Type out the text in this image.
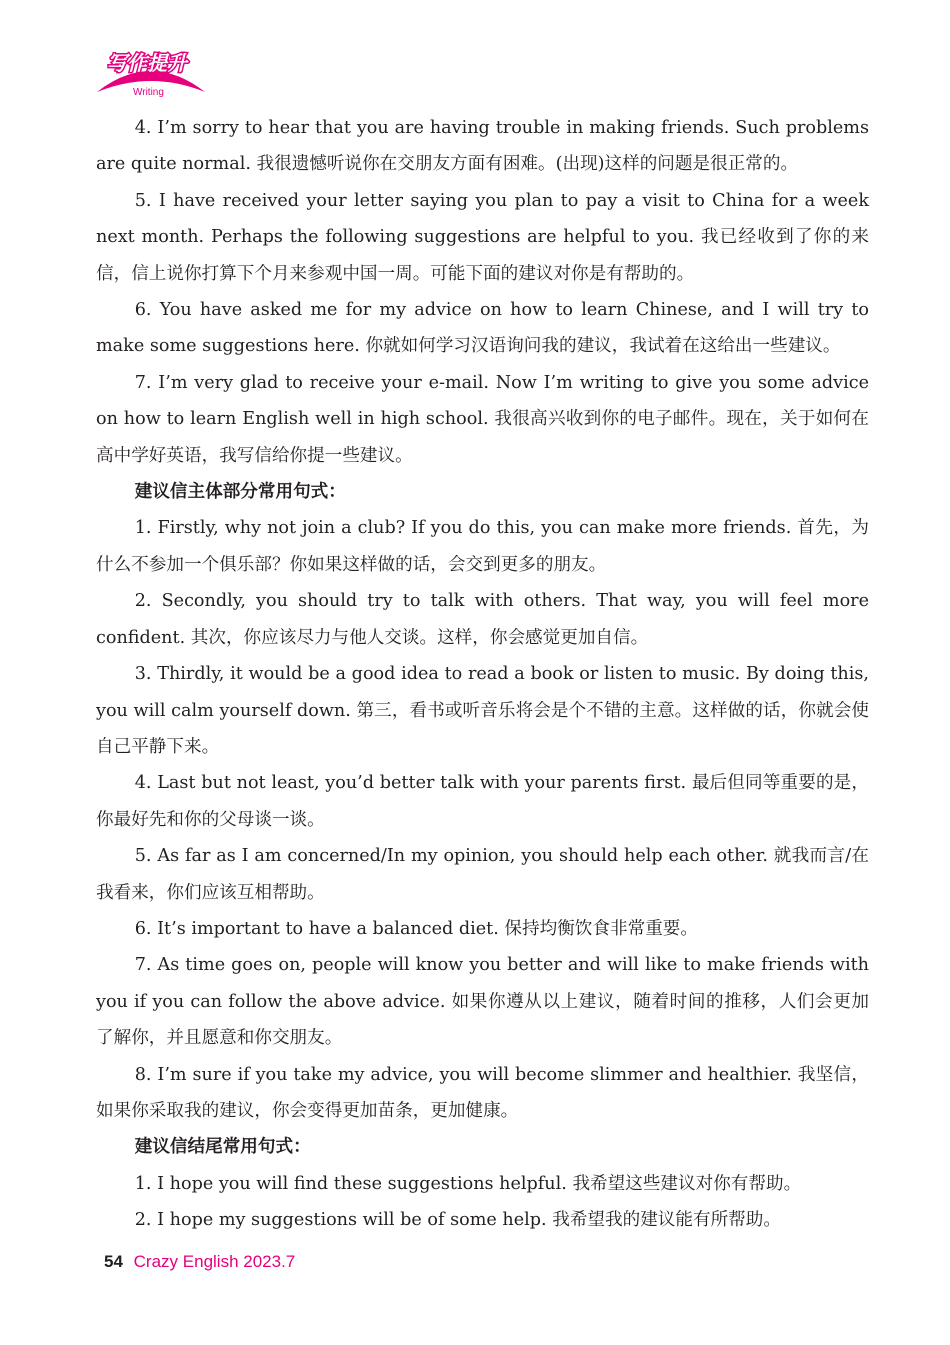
写作提升
Writing

4. I’m sorry to hear that you are having trouble in making friends. Such problems are quite normal. 我很遗憾听说你在交朋友方面有困难。(出现)这样的问题是很正常的。

5. I have received your letter saying you plan to pay a visit to China for a week next month. Perhaps the following suggestions are helpful to you. 我已经收到了你的来信，信上说你打算下个月来参观中国一周。可能下面的建议对你是有帮助的。

6. You have asked me for my advice on how to learn Chinese, and I will try to make some suggestions here. 你就如何学习汉语询问我的建议，我试着在这给出一些建议。

7. I’m very glad to receive your e-mail. Now I’m writing to give you some advice on how to learn English well in high school. 我很高兴收到你的电子邮件。现在，关于如何在高中学好英语，我写信给你提一些建议。

建议信主体部分常用句式：

1. Firstly, why not join a club? If you do this, you can make more friends. 首先，为什么不参加一个俱乐部？你如果这样做的话，会交到更多的朋友。

2. Secondly, you should try to talk with others. That way, you will feel more confident. 其次，你应该尽力与他人交谈。这样，你会感觉更加自信。

3. Thirdly, it would be a good idea to read a book or listen to music. By doing this, you will calm yourself down. 第三，看书或听音乐将会是个不错的主意。这样做的话，你就会使自己平静下来。

4. Last but not least, you’d better talk with your parents first. 最后但同等重要的是，你最好先和你的父母谈一谈。

5. As far as I am concerned/In my opinion, you should help each other. 就我而言/在我看来，你们应该互相帮助。

6. It’s important to have a balanced diet. 保持均衡饮食非常重要。

7. As time goes on, people will know you better and will like to make friends with you if you can follow the above advice. 如果你遵从以上建议，随着时间的推移，人们会更加了解你，并且愿意和你交朋友。

8. I’m sure if you take my advice, you will become slimmer and healthier. 我坚信，如果你采取我的建议，你会变得更加苗条，更加健康。

建议信结尾常用句式：

1. I hope you will find these suggestions helpful. 我希望这些建议对你有帮助。

2. I hope my suggestions will be of some help. 我希望我的建议能有所帮助。

54 Crazy English 2023.7
